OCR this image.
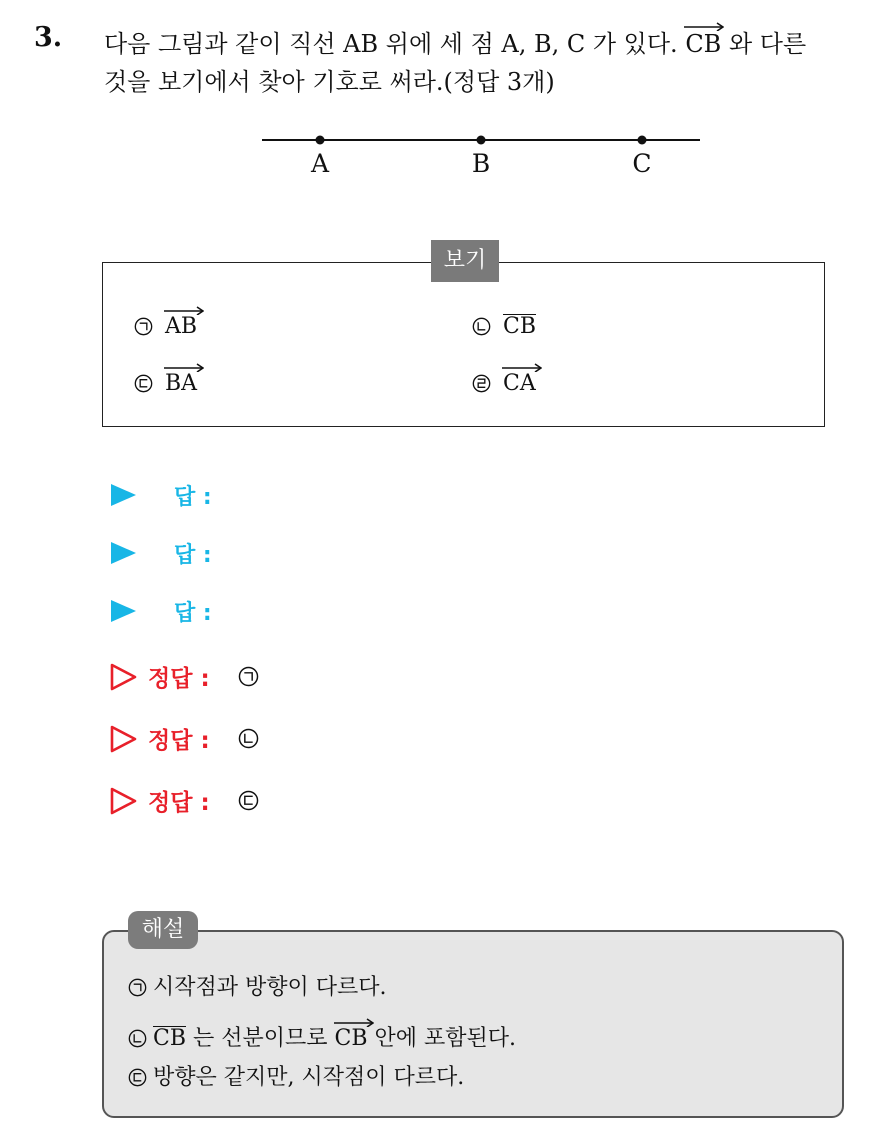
3. 다음 그림과 같이 직선 AB 위에 세 점 A, B, C 가 있다.
CB 와 다른
것을 보기에서 찾아 기호로 써라.(정답 3개)
A	B	C
보기
AB	CB
BA	CA
답 :
답 :
답 :
정답 :
정답 :
정답 :
해설
시작점과 방향이 다르다.
CB 는 선분이므로
CB 안에 포함된다.
방향은 같지만, 시작점이 다르다.
